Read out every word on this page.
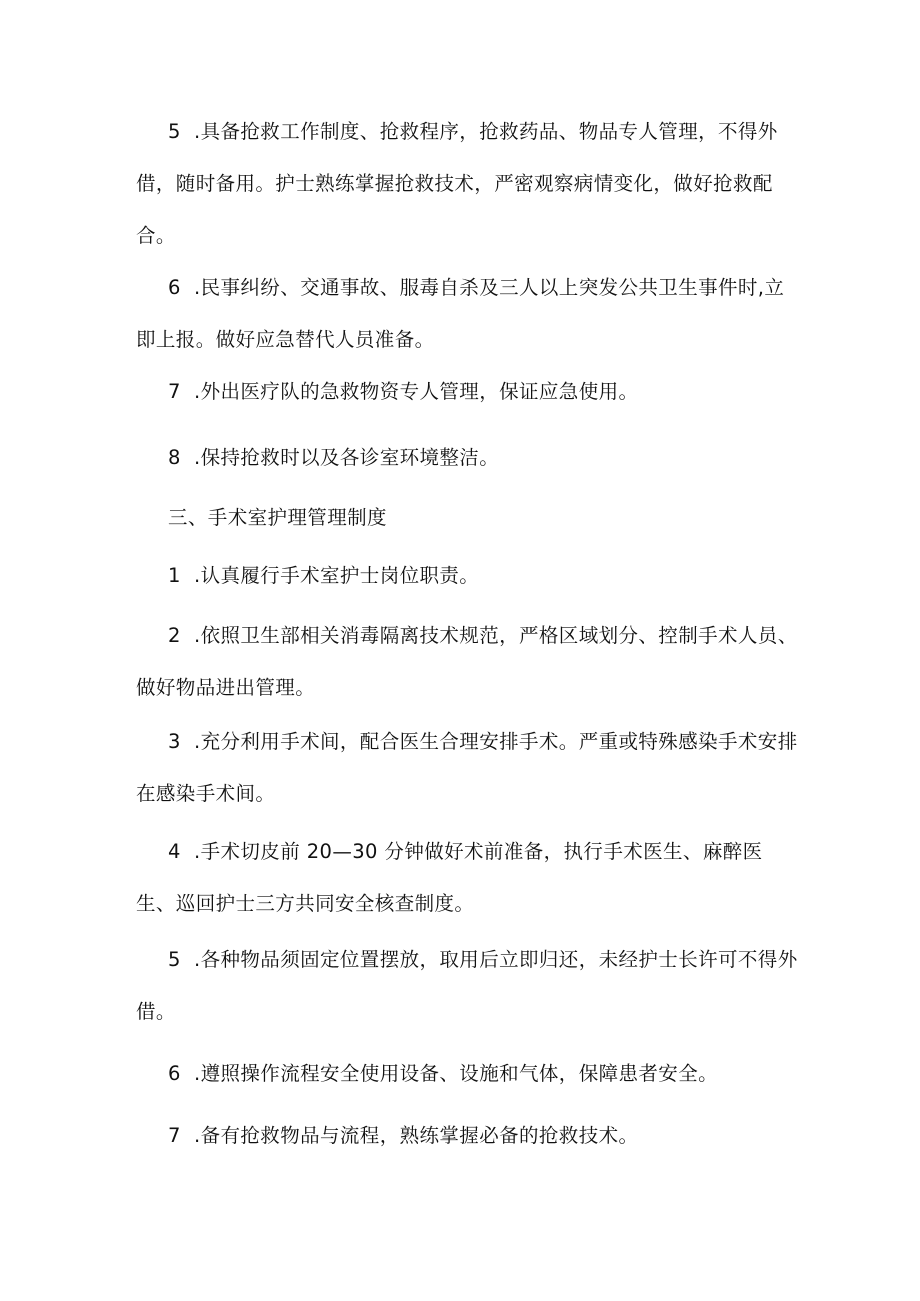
5  .具备抢救工作制度、抢救程序，抢救药品、物品专人管理，不得外借，随时备用。护士熟练掌握抢救技术，严密观察病情变化，做好抢救配合。

6  .民事纠纷、交通事故、服毒自杀及三人以上突发公共卫生事件时,立即上报。做好应急替代人员准备。

7  .外出医疗队的急救物资专人管理，保证应急使用。

8  .保持抢救时以及各诊室环境整洁。

三、手术室护理管理制度

1  .认真履行手术室护士岗位职责。

2  .依照卫生部相关消毒隔离技术规范，严格区域划分、控制手术人员、做好物品进出管理。

3  .充分利用手术间，配合医生合理安排手术。严重或特殊感染手术安排在感染手术间。

4  .手术切皮前 20—30 分钟做好术前准备，执行手术医生、麻醉医生、巡回护士三方共同安全核查制度。

5  .各种物品须固定位置摆放，取用后立即归还，未经护士长许可不得外借。

6  .遵照操作流程安全使用设备、设施和气体，保障患者安全。

7  .备有抢救物品与流程，熟练掌握必备的抢救技术。
